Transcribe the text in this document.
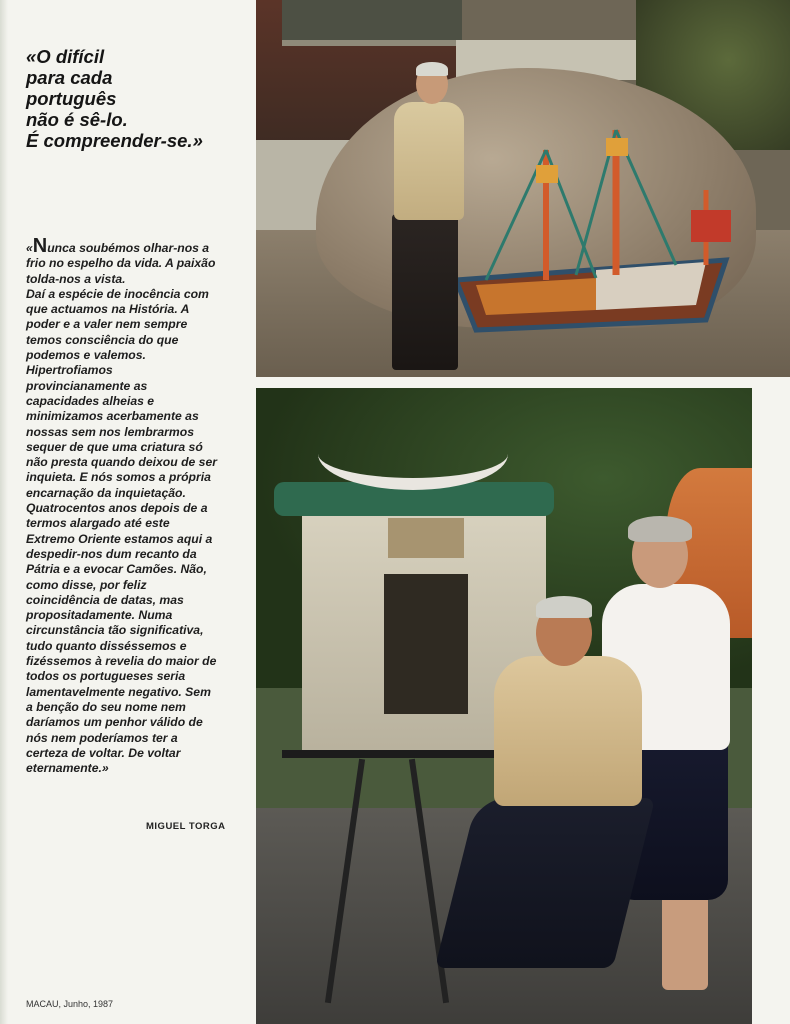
«O difícil
para cada
português
não é sê-lo.
É compreender-se.»

«Nunca soubémos olhar-nos a
frio no espelho da vida. A paixão
tolda-nos a vista.
Daí a espécie de inocência com
que actuamos na História. A
poder e a valer nem sempre
temos consciência do que
podemos e valemos.
Hipertrofiamos
provincianamente as
capacidades alheias e
minimizamos acerbamente as
nossas sem nos lembrarmos
sequer de que uma criatura só
não presta quando deixou de ser
inquieta. E nós somos a própria
encarnação da inquietação.
Quatrocentos anos depois de a
termos alargado até este
Extremo Oriente estamos aqui a
despedir-nos dum recanto da
Pátria e a evocar Camões. Não,
como disse, por feliz
coincidência de datas, mas
propositadamente. Numa
circunstância tão significativa,
tudo quanto disséssemos e
fizéssemos à revelia do maior de
todos os portugueses seria
lamentavelmente negativo. Sem
a benção do seu nome nem
daríamos um penhor válido de
nós nem poderíamos ter a
certeza de voltar. De voltar
eternamente.»

MIGUEL TORGA

MACAU, Junho, 1987
